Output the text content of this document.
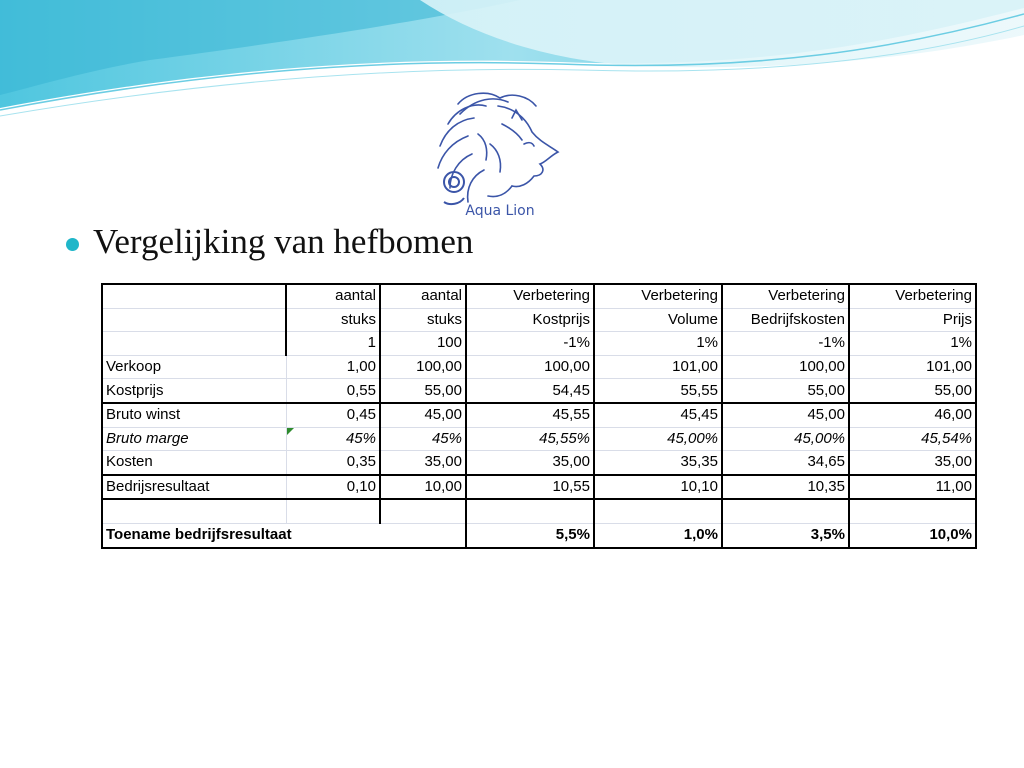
Aqua Lion
Vergelijking van hefbomen
	aantal	aantal	Verbetering	Verbetering	Verbetering	Verbetering
	stuks	stuks	Kostprijs	Volume	Bedrijfskosten	Prijs
	1	100	-1%	1%	-1%	1%
Verkoop	1,00	100,00	100,00	101,00	100,00	101,00
Kostprijs	0,55	55,00	54,45	55,55	55,00	55,00
Bruto winst	0,45	45,00	45,55	45,45	45,00	46,00
Bruto marge	45%	45%	45,55%	45,00%	45,00%	45,54%
Kosten	0,35	35,00	35,00	35,35	34,65	35,00
Bedrijsresultaat	0,10	10,00	10,55	10,10	10,35	11,00

Toename bedrijfsresultaat			5,5%	1,0%	3,5%	10,0%
